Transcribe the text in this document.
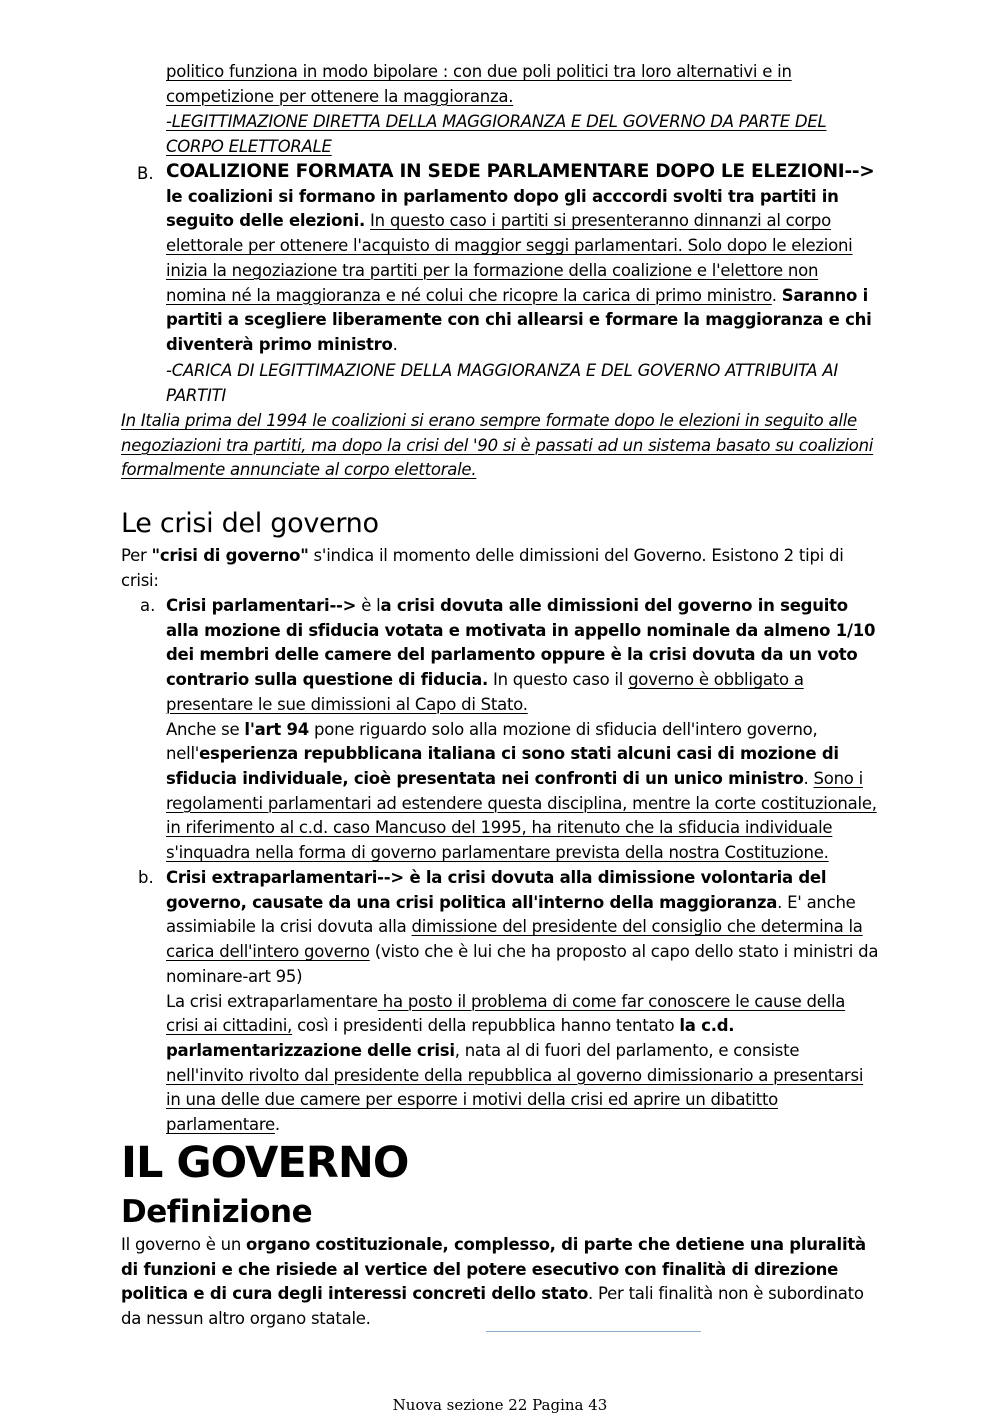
politico funziona in modo bipolare : con due poli politici tra loro alternativi e in competizione per ottenere la maggioranza.

-LEGITTIMAZIONE DIRETTA DELLA MAGGIORANZA E DEL GOVERNO DA PARTE DEL CORPO ELETTORALE

B. COALIZIONE FORMATA IN SEDE PARLAMENTARE DOPO LE ELEZIONI--> le coalizioni si formano in parlamento dopo gli acccordi svolti tra partiti in seguito delle elezioni. In questo caso i partiti si presenteranno dinnanzi al corpo elettorale per ottenere l'acquisto di maggior seggi parlamentari. Solo dopo le elezioni inizia la negoziazione tra partiti per la formazione della coalizione e l'elettore non nomina né la maggioranza e né colui che ricopre la carica di primo ministro. Saranno i partiti a scegliere liberamente con chi allearsi e formare la maggioranza e chi diventerà primo ministro.

-CARICA DI LEGITTIMAZIONE DELLA MAGGIORANZA E DEL GOVERNO ATTRIBUITA AI PARTITI

In Italia prima del 1994 le coalizioni si erano sempre formate dopo le elezioni in seguito alle negoziazioni tra partiti, ma dopo la crisi del '90 si è passati ad un sistema basato su coalizioni formalmente annunciate al corpo elettorale.

Le crisi del governo

Per "crisi di governo" s'indica il momento delle dimissioni del Governo. Esistono 2 tipi di crisi:

a. Crisi parlamentari--> è la crisi dovuta alle dimissioni del governo in seguito alla mozione di sfiducia votata e motivata in appello nominale da almeno 1/10 dei membri delle camere del parlamento oppure è la crisi dovuta da un voto contrario sulla questione di fiducia. In questo caso il governo è obbligato a presentare le sue dimissioni al Capo di Stato.
Anche se l'art 94 pone riguardo solo alla mozione di sfiducia dell'intero governo, nell'esperienza repubblicana italiana ci sono stati alcuni casi di mozione di sfiducia individuale, cioè presentata nei confronti di un unico ministro. Sono i regolamenti parlamentari ad estendere questa disciplina, mentre la corte costituzionale, in riferimento al c.d. caso Mancuso del 1995, ha ritenuto che la sfiducia individuale s'inquadra nella forma di governo parlamentare prevista della nostra Costituzione.

b. Crisi extraparlamentari--> è la crisi dovuta alla dimissione volontaria del governo, causate da una crisi politica all'interno della maggioranza. E' anche assimiabile la crisi dovuta alla dimissione del presidente del consiglio che determina la carica dell'intero governo (visto che è lui che ha proposto al capo dello stato i ministri da nominare-art 95)
La crisi extraparlamentare ha posto il problema di come far conoscere le cause della crisi ai cittadini, così i presidenti della repubblica hanno tentato la c.d. parlamentarizzazione delle crisi, nata al di fuori del parlamento, e consiste nell'invito rivolto dal presidente della repubblica al governo dimissionario a presentarsi in una delle due camere per esporre i motivi della crisi ed aprire un dibatitto parlamentare.

IL GOVERNO
Definizione

Il governo è un organo costituzionale, complesso, di parte che detiene una pluralità di funzioni e che risiede al vertice del potere esecutivo con finalità di direzione politica e di cura degli interessi concreti dello stato. Per tali finalità non è subordinato da nessun altro organo statale.

Nuova sezione 22 Pagina 43
